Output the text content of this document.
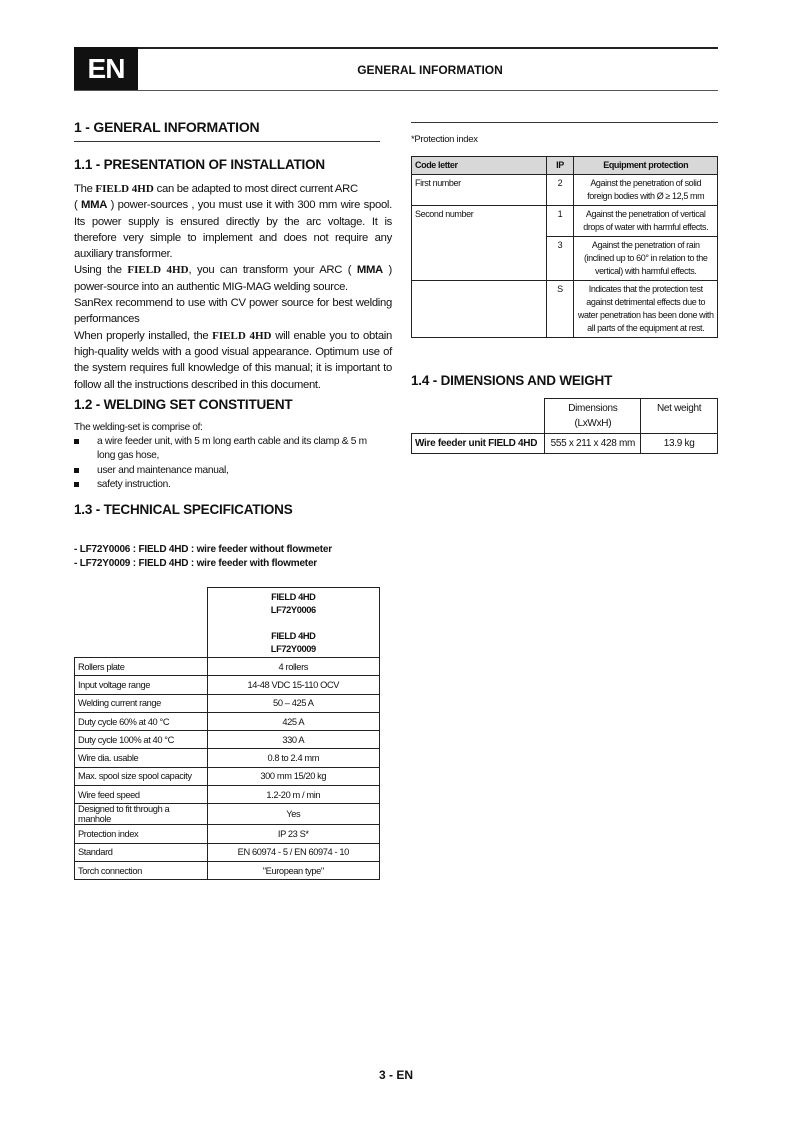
EN	GENERAL INFORMATION
1 - GENERAL INFORMATION
1.1 - PRESENTATION OF INSTALLATION
The FIELD 4HD can be adapted to most direct current ARC
( MMA ) power-sources , you must use it with 300 mm wire spool. Its power supply is ensured directly by the arc voltage. It is therefore very simple to implement and does not require any auxiliary transformer.
Using the FIELD 4HD, you can transform your ARC ( MMA ) power-source into an authentic MIG-MAG welding source.
SanRex recommend to use with CV power source for best welding performances
When properly installed, the FIELD 4HD will enable you to obtain high-quality welds with a good visual appearance. Optimum use of the system requires full knowledge of this manual; it is important to follow all the instructions described in this document.
1.2 - WELDING SET CONSTITUENT
The welding-set is comprise of:
a wire feeder unit, with 5 m long earth cable and its clamp & 5 m long gas hose,
user and maintenance manual,
safety instruction.
1.3 - TECHNICAL SPECIFICATIONS
- LF72Y0006 : FIELD 4HD : wire feeder without flowmeter
- LF72Y0009 : FIELD 4HD : wire feeder with flowmeter

	FIELD 4HD
LF72Y0006
FIELD 4HD
LF72Y0009

Rollers plate	4 rollers
Input voltage range	14-48 VDC 15-110 OCV
Welding current range	50 – 425 A
Duty cycle 60% at 40 °C	425 A
Duty cycle 100% at 40 °C	330 A
Wire dia. usable	0.8 to 2.4 mm
Max. spool size spool capacity	300 mm 15/20 kg
Wire feed speed	1.2-20 m / min
Designed to fit through a manhole	Yes
Protection index	IP 23 S*
Standard	EN 60974 - 5 / EN 60974 - 10
Torch connection	"European type"
*Protection index
Code letter	IP	Equipment protection
First number	2	Against the penetration of solid foreign bodies with Ø ≥ 12,5 mm
Second number	1	Against the penetration of vertical drops of water with harmful effects.
	3	Against the penetration of rain (inclined up to 60° in relation to the vertical) with harmful effects.
	S	Indicates that the protection test against detrimental effects due to water penetration has been done with all parts of the equipment at rest.
1.4 - DIMENSIONS AND WEIGHT

	Dimensions
(LxWxH)	Net weight
Wire feeder unit FIELD 4HD	555 x 211 x 428 mm	13.9 kg
3 - EN
